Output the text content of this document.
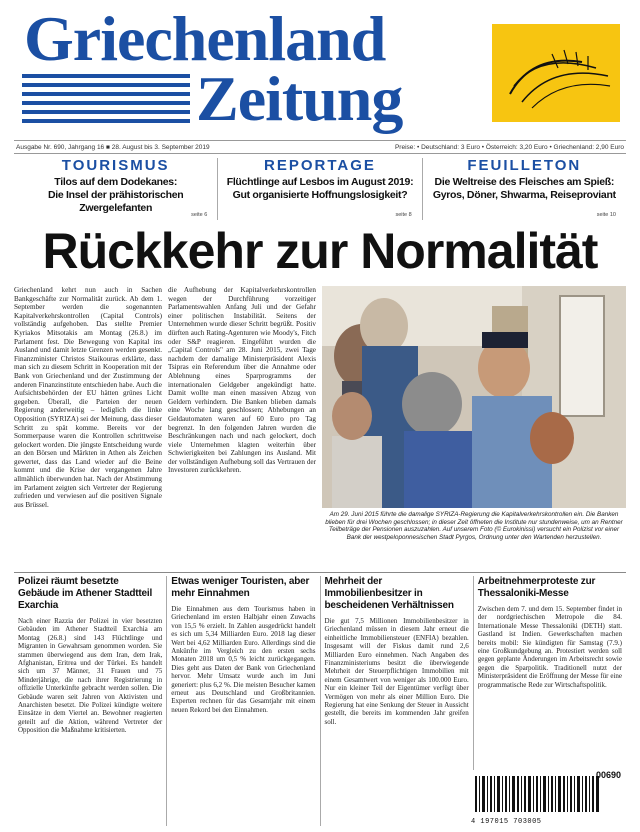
Griechenland
Zeitung
Ausgabe Nr. 690, Jahrgang 16 ■ 28. August bis 3. September 2019	Preise: • Deutschland: 3 Euro • Österreich: 3,20 Euro • Griechenland: 2,90 Euro
TOURISMUS
Tilos auf dem Dodekanes:
Die Insel der prähistorischen Zwergelefanten
seite 6
REPORTAGE
Flüchtlinge auf Lesbos im August 2019:
Gut organisierte Hoffnungslosigkeit?
seite 8
FEUILLETON
Die Weltreise des Fleisches am Spieß:
Gyros, Döner, Shwarma, Reiseproviant
seite 10
Rückkehr zur Normalität

Griechenland kehrt nun auch in Sachen Bankgeschäfte zur Normalität zurück. Ab dem 1. September werden die sogenannten Kapitalverkehrskontrollen (Capital Controls) vollständig aufgehoben. Das stellte Premier Kyriakos Mitsotakis am Montag (26.8.) im Parlament fest. Die Bewegung von Kapital ins Ausland und damit letzte Grenzen werden gesenkt. Finanzminister Christos Staikouras erklärte, dass man sich zu diesem Schritt in Kooperation mit der Bank von Griechenland und der Zustimmung der anderen Finanzinstitute entschieden habe. Auch die Aufsichtsbehörden der EU hätten grünes Licht gegeben. Überall, die Parteien der neuen Regierung anderweitig – lediglich die linke Opposition (SYRIZA) sei der Meinung, dass dieser Schritt zu spät komme. Bereits vor der Sommerpause waren die Kontrollen schrittweise gelockert worden. Die jüngste Entscheidung wurde an den Börsen und Märkten in Athen als Zeichen gewertet, dass das Land wieder auf die Beine kommt und die Krise der vergangenen Jahre allmählich überwunden hat. Nach der Abstimmung im Parlament zeigten sich Vertreter der Regierung zufrieden und verwiesen auf die positiven Signale aus Brüssel.

die Aufhebung der Kapitalverkehrskontrollen wegen der Durchführung vorzeitiger Parlamentswahlen Anfang Juli und der Gefahr einer politischen Instabilität. Seitens der Unternehmen wurde dieser Schritt begrüßt. Positiv dürften auch Rating-Agenturen wie Moody's, Fitch oder S&P reagieren. Eingeführt wurden die „Capital Controls" am 28. Juni 2015, zwei Tage nachdem der damalige Ministerpräsident Alexis Tsipras ein Referendum über die Annahme oder Ablehnung eines Sparprogramms der internationalen Geldgeber angekündigt hatte. Damit wollte man einen massiven Abzug von Geldern verhindern. Die Banken blieben damals eine Woche lang geschlossen; Abhebungen an Geldautomaten waren auf 60 Euro pro Tag begrenzt. In den folgenden Jahren wurden die Beschränkungen nach und nach gelockert, doch viele Unternehmen klagten weiterhin über Schwierigkeiten bei Zahlungen ins Ausland. Mit der vollständigen Aufhebung soll das Vertrauen der Investoren zurückkehren.

Am 29. Juni 2015 führte die damalige SYRIZA-Regierung die Kapitalverkehrskontrollen ein. Die Banken blieben für drei Wochen geschlossen; in dieser Zeit öffneten die Institute nur stundenweise, um an Rentner Teilbeträge der Pensionen auszuzahlen. Auf unserem Foto (© Eurokinissi) versucht ein Polizist vor einer Bank der westpeloponnesischen Stadt Pyrgos, Ordnung unter den Wartenden herzustellen.
Polizei räumt besetzte Gebäude im Athener Stadtteil Exarchia
Nach einer Razzia der Polizei in vier besetzten Gebäuden im Athener Stadtteil Exarchia am Montag (26.8.) sind 143 Flüchtlinge und Migranten in Gewahrsam genommen worden. Sie stammen überwiegend aus dem Iran, dem Irak, Afghanistan, Eritrea und der Türkei. Es handelt sich um 37 Männer, 31 Frauen und 75 Minderjährige, die nach ihrer Registrierung in offizielle Unterkünfte gebracht werden sollen. Die Gebäude waren seit Jahren von Aktivisten und Anarchisten besetzt. Die Polizei kündigte weitere Einsätze in dem Viertel an. Bewohner reagierten geteilt auf die Aktion, während Vertreter der Opposition die Maßnahme kritisierten.
Etwas weniger Touristen, aber mehr Einnahmen
Die Einnahmen aus dem Tourismus haben in Griechenland im ersten Halbjahr einen Zuwachs von 15,5 % erzielt. In Zahlen ausgedrückt handelt es sich um 5,34 Milliarden Euro. 2018 lag dieser Wert bei 4,62 Milliarden Euro. Allerdings sind die Ankünfte im Vergleich zu den ersten sechs Monaten 2018 um 0,5 % leicht zurückgegangen. Dies geht aus Daten der Bank von Griechenland hervor. Mehr Umsatz wurde auch im Juni generiert: plus 6,2 %. Die meisten Besucher kamen erneut aus Deutschland und Großbritannien. Experten rechnen für das Gesamtjahr mit einem neuen Rekord bei den Einnahmen.
Mehrheit der Immobilienbesitzer in bescheidenen Verhältnissen
Die gut 7,5 Millionen Immobilienbesitzer in Griechenland müssen in diesem Jahr erneut die einheitliche Immobiliensteuer (ENFIA) bezahlen. Insgesamt will der Fiskus damit rund 2,6 Milliarden Euro einnehmen. Nach Angaben des Finanzministeriums besitzt die überwiegende Mehrheit der Steuerpflichtigen Immobilien mit einem Gesamtwert von weniger als 100.000 Euro. Nur ein kleiner Teil der Eigentümer verfügt über Vermögen von mehr als einer Million Euro. Die Regierung hat eine Senkung der Steuer in Aussicht gestellt, die bereits im kommenden Jahr greifen soll.
Arbeitnehmerproteste zur Thessaloniki-Messe
Zwischen dem 7. und dem 15. September findet in der nordgriechischen Metropole die 84. Internationale Messe Thessaloniki (DETH) statt. Gastland ist Indien. Gewerkschaften machen bereits mobil: Sie kündigten für Samstag (7.9.) eine Großkundgebung an. Protestiert werden soll gegen geplante Änderungen im Arbeitsrecht sowie gegen die Sparpolitik. Traditionell nutzt der Ministerpräsident die Eröffnung der Messe für eine programmatische Rede zur Wirtschaftspolitik.
00690
4 197015 703005
